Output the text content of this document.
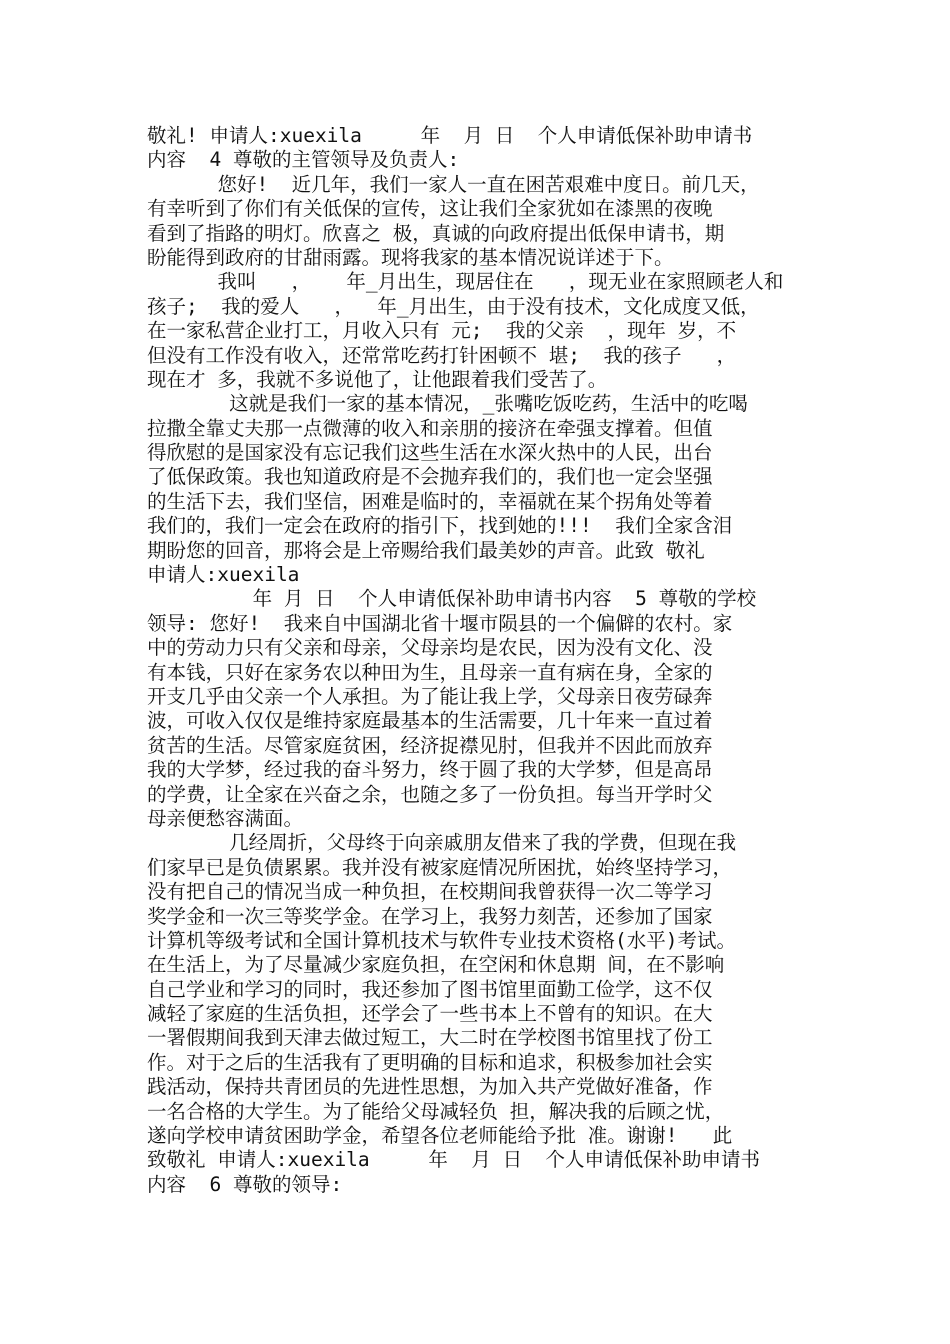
敬礼! 申请人:xuexila     年  月 日  个人申请低保补助申请书
内容  4 尊敬的主管领导及负责人:
您好!  近几年，我们一家人一直在困苦艰难中度日。前几天，
有幸听到了你们有关低保的宣传，这让我们全家犹如在漆黑的夜晚
看到了指路的明灯。欣喜之 极，真诚的向政府提出低保申请书，期
盼能得到政府的甘甜雨露。现将我家的基本情况说详述于下。
我叫   ，   年_月出生，现居住在   ，现无业在家照顾老人和
孩子;  我的爱人   ，  年_月出生，由于没有技术，文化成度又低，
在一家私营企业打工，月收入只有 元;  我的父亲  ，现年 岁，不
但没有工作没有收入，还常常吃药打针困顿不 堪;  我的孩子   ，
现在才 多，我就不多说他了，让他跟着我们受苦了。
这就是我们一家的基本情况，_张嘴吃饭吃药，生活中的吃喝
拉撒全靠丈夫那一点微薄的收入和亲朋的接济在牵强支撑着。但值
得欣慰的是国家没有忘记我们这些生活在水深火热中的人民，出台
了低保政策。我也知道政府是不会抛弃我们的，我们也一定会坚强
的生活下去，我们坚信，困难是临时的，幸福就在某个拐角处等着
我们的，我们一定会在政府的指引下，找到她的!!!  我们全家含泪
期盼您的回音，那将会是上帝赐给我们最美妙的声音。此致 敬礼
申请人:xuexila
年 月 日  个人申请低保补助申请书内容  5 尊敬的学校
领导: 您好!  我来自中国湖北省十堰市陨县的一个偏僻的农村。家
中的劳动力只有父亲和母亲，父母亲均是农民，因为没有文化、没
有本钱，只好在家务农以种田为生，且母亲一直有病在身，全家的
开支几乎由父亲一个人承担。为了能让我上学，父母亲日夜劳碌奔
波，可收入仅仅是维持家庭最基本的生活需要，几十年来一直过着
贫苦的生活。尽管家庭贫困，经济捉襟见肘，但我并不因此而放弃
我的大学梦，经过我的奋斗努力，终于圆了我的大学梦，但是高昂
的学费，让全家在兴奋之余，也随之多了一份负担。每当开学时父
母亲便愁容满面。
几经周折，父母终于向亲戚朋友借来了我的学费，但现在我
们家早已是负债累累。我并没有被家庭情况所困扰，始终坚持学习，
没有把自己的情况当成一种负担，在校期间我曾获得一次二等学习
奖学金和一次三等奖学金。在学习上，我努力刻苦，还参加了国家
计算机等级考试和全国计算机技术与软件专业技术资格(水平)考试。
在生活上，为了尽量减少家庭负担，在空闲和休息期 间，在不影响
自己学业和学习的同时，我还参加了图书馆里面勤工俭学，这不仅
减轻了家庭的生活负担，还学会了一些书本上不曾有的知识。在大
一署假期间我到天津去做过短工，大二时在学校图书馆里找了份工
作。对于之后的生活我有了更明确的目标和追求，积极参加社会实
践活动，保持共青团员的先进性思想，为加入共产党做好准备，作
一名合格的大学生。为了能给父母减轻负 担，解决我的后顾之忧，
遂向学校申请贫困助学金，希望各位老师能给予批 准。谢谢!   此
致敬礼 申请人:xuexila     年  月 日  个人申请低保补助申请书
内容  6 尊敬的领导:
